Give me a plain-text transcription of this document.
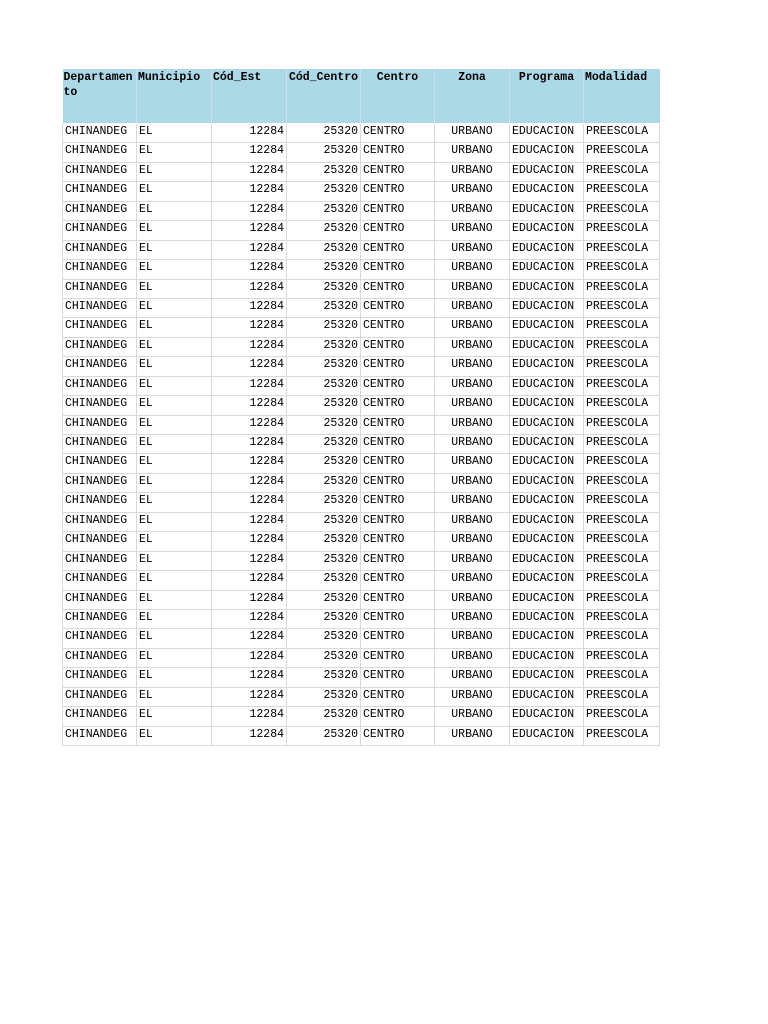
Departamento	Municipio	Cód_Est	Cód_Centro	Centro	Zona	Programa	Modalidad

CHINANDEG	EL	12284	25320	CENTRO	URBANO	EDUCACION	PREESCOLA
CHINANDEG	EL	12284	25320	CENTRO	URBANO	EDUCACION	PREESCOLA
CHINANDEG	EL	12284	25320	CENTRO	URBANO	EDUCACION	PREESCOLA
CHINANDEG	EL	12284	25320	CENTRO	URBANO	EDUCACION	PREESCOLA
CHINANDEG	EL	12284	25320	CENTRO	URBANO	EDUCACION	PREESCOLA
CHINANDEG	EL	12284	25320	CENTRO	URBANO	EDUCACION	PREESCOLA
CHINANDEG	EL	12284	25320	CENTRO	URBANO	EDUCACION	PREESCOLA
CHINANDEG	EL	12284	25320	CENTRO	URBANO	EDUCACION	PREESCOLA
CHINANDEG	EL	12284	25320	CENTRO	URBANO	EDUCACION	PREESCOLA
CHINANDEG	EL	12284	25320	CENTRO	URBANO	EDUCACION	PREESCOLA
CHINANDEG	EL	12284	25320	CENTRO	URBANO	EDUCACION	PREESCOLA
CHINANDEG	EL	12284	25320	CENTRO	URBANO	EDUCACION	PREESCOLA
CHINANDEG	EL	12284	25320	CENTRO	URBANO	EDUCACION	PREESCOLA
CHINANDEG	EL	12284	25320	CENTRO	URBANO	EDUCACION	PREESCOLA
CHINANDEG	EL	12284	25320	CENTRO	URBANO	EDUCACION	PREESCOLA
CHINANDEG	EL	12284	25320	CENTRO	URBANO	EDUCACION	PREESCOLA
CHINANDEG	EL	12284	25320	CENTRO	URBANO	EDUCACION	PREESCOLA
CHINANDEG	EL	12284	25320	CENTRO	URBANO	EDUCACION	PREESCOLA
CHINANDEG	EL	12284	25320	CENTRO	URBANO	EDUCACION	PREESCOLA
CHINANDEG	EL	12284	25320	CENTRO	URBANO	EDUCACION	PREESCOLA
CHINANDEG	EL	12284	25320	CENTRO	URBANO	EDUCACION	PREESCOLA
CHINANDEG	EL	12284	25320	CENTRO	URBANO	EDUCACION	PREESCOLA
CHINANDEG	EL	12284	25320	CENTRO	URBANO	EDUCACION	PREESCOLA
CHINANDEG	EL	12284	25320	CENTRO	URBANO	EDUCACION	PREESCOLA
CHINANDEG	EL	12284	25320	CENTRO	URBANO	EDUCACION	PREESCOLA
CHINANDEG	EL	12284	25320	CENTRO	URBANO	EDUCACION	PREESCOLA
CHINANDEG	EL	12284	25320	CENTRO	URBANO	EDUCACION	PREESCOLA
CHINANDEG	EL	12284	25320	CENTRO	URBANO	EDUCACION	PREESCOLA
CHINANDEG	EL	12284	25320	CENTRO	URBANO	EDUCACION	PREESCOLA
CHINANDEG	EL	12284	25320	CENTRO	URBANO	EDUCACION	PREESCOLA
CHINANDEG	EL	12284	25320	CENTRO	URBANO	EDUCACION	PREESCOLA
CHINANDEG	EL	12284	25320	CENTRO	URBANO	EDUCACION	PREESCOLA
